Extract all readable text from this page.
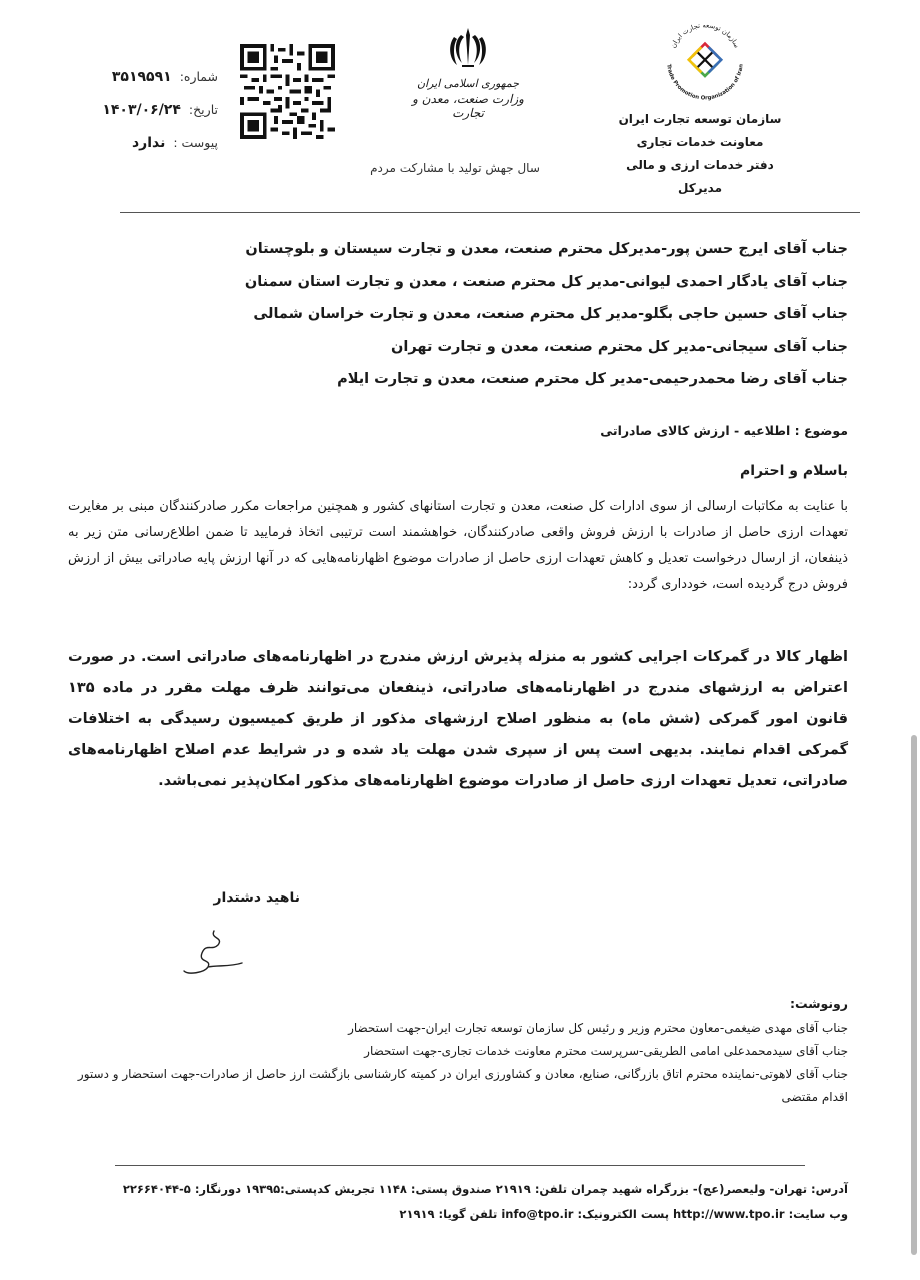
شماره:
۳۵۱۹۵۹۱
تاریخ:
۱۴۰۳/۰۶/۲۴
پیوست :
ندارد
جمهوری اسلامی ایران
وزارت صنعت، معدن و تجارت
سال جهش تولید با مشارکت مردم
سازمان توسعه تجارت ایران
Trade Promotion Organization of Iran
سازمان توسعه تجارت ایران
معاونت خدمات تجاری
دفتر خدمات ارزی و مالی
مدیرکل
جناب آقای ایرج حسن پور-مدیرکل محترم صنعت، معدن و تجارت سیستان و بلوچستان
جناب آقای یادگار احمدی لیوانی-مدیر کل محترم صنعت ، معدن و تجارت استان سمنان
جناب آقای حسین حاجی بگلو-مدیر کل محترم صنعت، معدن و تجارت خراسان شمالی
جناب آقای سیجانی-مدیر کل محترم صنعت، معدن و تجارت تهران
جناب آقای رضا محمدرحیمی-مدیر کل محترم صنعت، معدن و تجارت ایلام
موضوع : اطلاعیه - ارزش کالای صادراتی
باسلام و احترام
با عنایت به مکاتبات ارسالی از سوی ادارات کل صنعت، معدن و تجارت استانهای کشور و همچنین مراجعات مکرر صادرکنندگان مبنی بر مغایرت تعهدات ارزی حاصل از صادرات با ارزش فروش واقعی صادرکنندگان، خواهشمند است ترتیبی اتخاذ فرمایید تا ضمن اطلاع‌رسانی متن زیر به ذینفعان، از ارسال درخواست تعدیل و کاهش تعهدات ارزی حاصل از صادرات موضوع اظهارنامه‌هایی که در آنها ارزش پایه صادراتی بیش از ارزش فروش درج گردیده است، خودداری گردد:
اظهار کالا در گمرکات اجرایی کشور به منزله پذیرش ارزش مندرج در اظهارنامه‌های صادراتی است. در صورت اعتراض به ارزشهای مندرج در اظهارنامه‌های صادراتی، ذینفعان می‌توانند ظرف مهلت مقرر در ماده ۱۳۵ قانون امور گمرکی (شش ماه) به منظور اصلاح ارزشهای مذکور از طریق کمیسیون رسیدگی به اختلافات گمرکی اقدام نمایند. بدیهی است پس از سپری شدن مهلت یاد شده و در شرایط عدم اصلاح اظهارنامه‌های صادراتی، تعدیل تعهدات ارزی حاصل از صادرات موضوع اظهارنامه‌های مذکور امکان‌پذیر نمی‌باشد.
ناهید دشتدار
رونوشت:
جناب آقای مهدی ضیغمی-معاون محترم وزیر و رئیس کل سازمان توسعه تجارت ایران-جهت استحضار
جناب آقای سیدمحمدعلی امامی الطریقی-سرپرست محترم معاونت خدمات تجاری-جهت استحضار
جناب آقای لاهوتی-نماینده محترم اتاق بازرگانی، صنایع، معادن و کشاورزی ایران در کمیته کارشناسی بازگشت ارز حاصل از صادرات-جهت استحضار و دستور اقدام مقتضی
آدرس: تهران- ولیعصر(عج)- بزرگراه شهید چمران تلفن: ۲۱۹۱۹ صندوق پستی: ۱۱۴۸ تجریش کدپستی:۱۹۳۹۵ دورنگار: ۵-۲۲۶۶۴۰۴۴
وب سایت: http://www.tpo.ir پست الکترونیک: info@tpo.ir تلفن گویا: ۲۱۹۱۹
